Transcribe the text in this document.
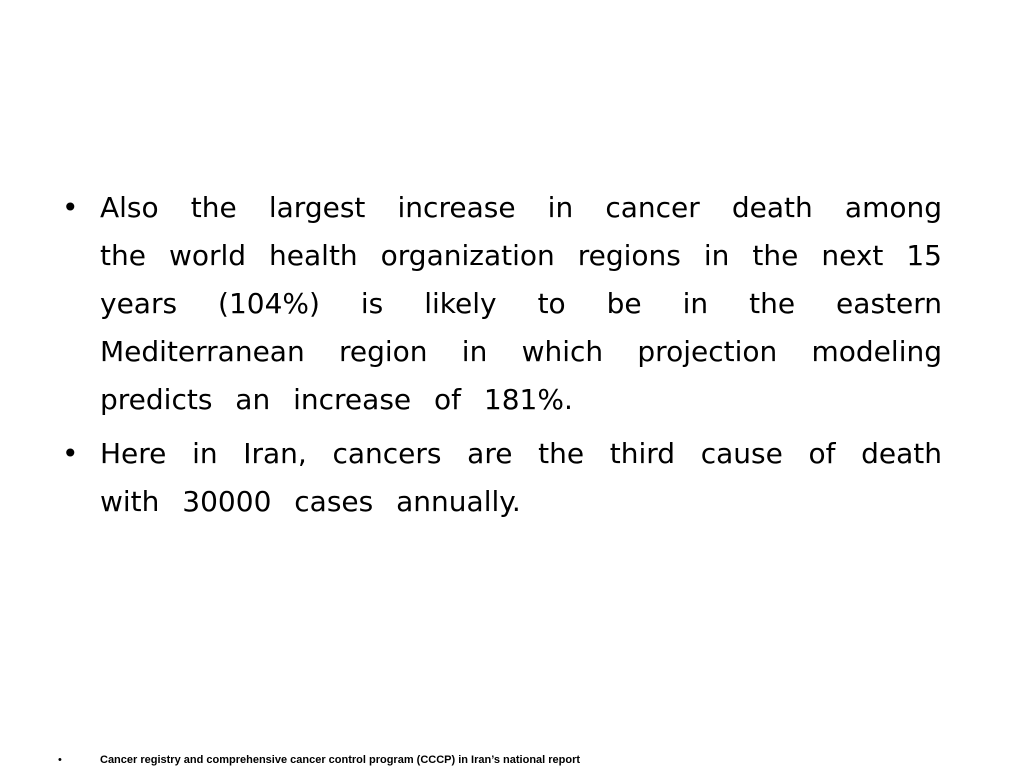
• Also the largest increase in cancer death among the world health organization regions in the next 15 years (104%) is likely to be in the eastern Mediterranean region in which projection modeling predicts an increase of 181%.
• Here in Iran, cancers are the third cause of death with 30000 cases annually.
•	Cancer registry and comprehensive cancer control program (CCCP) in Iran’s national report
